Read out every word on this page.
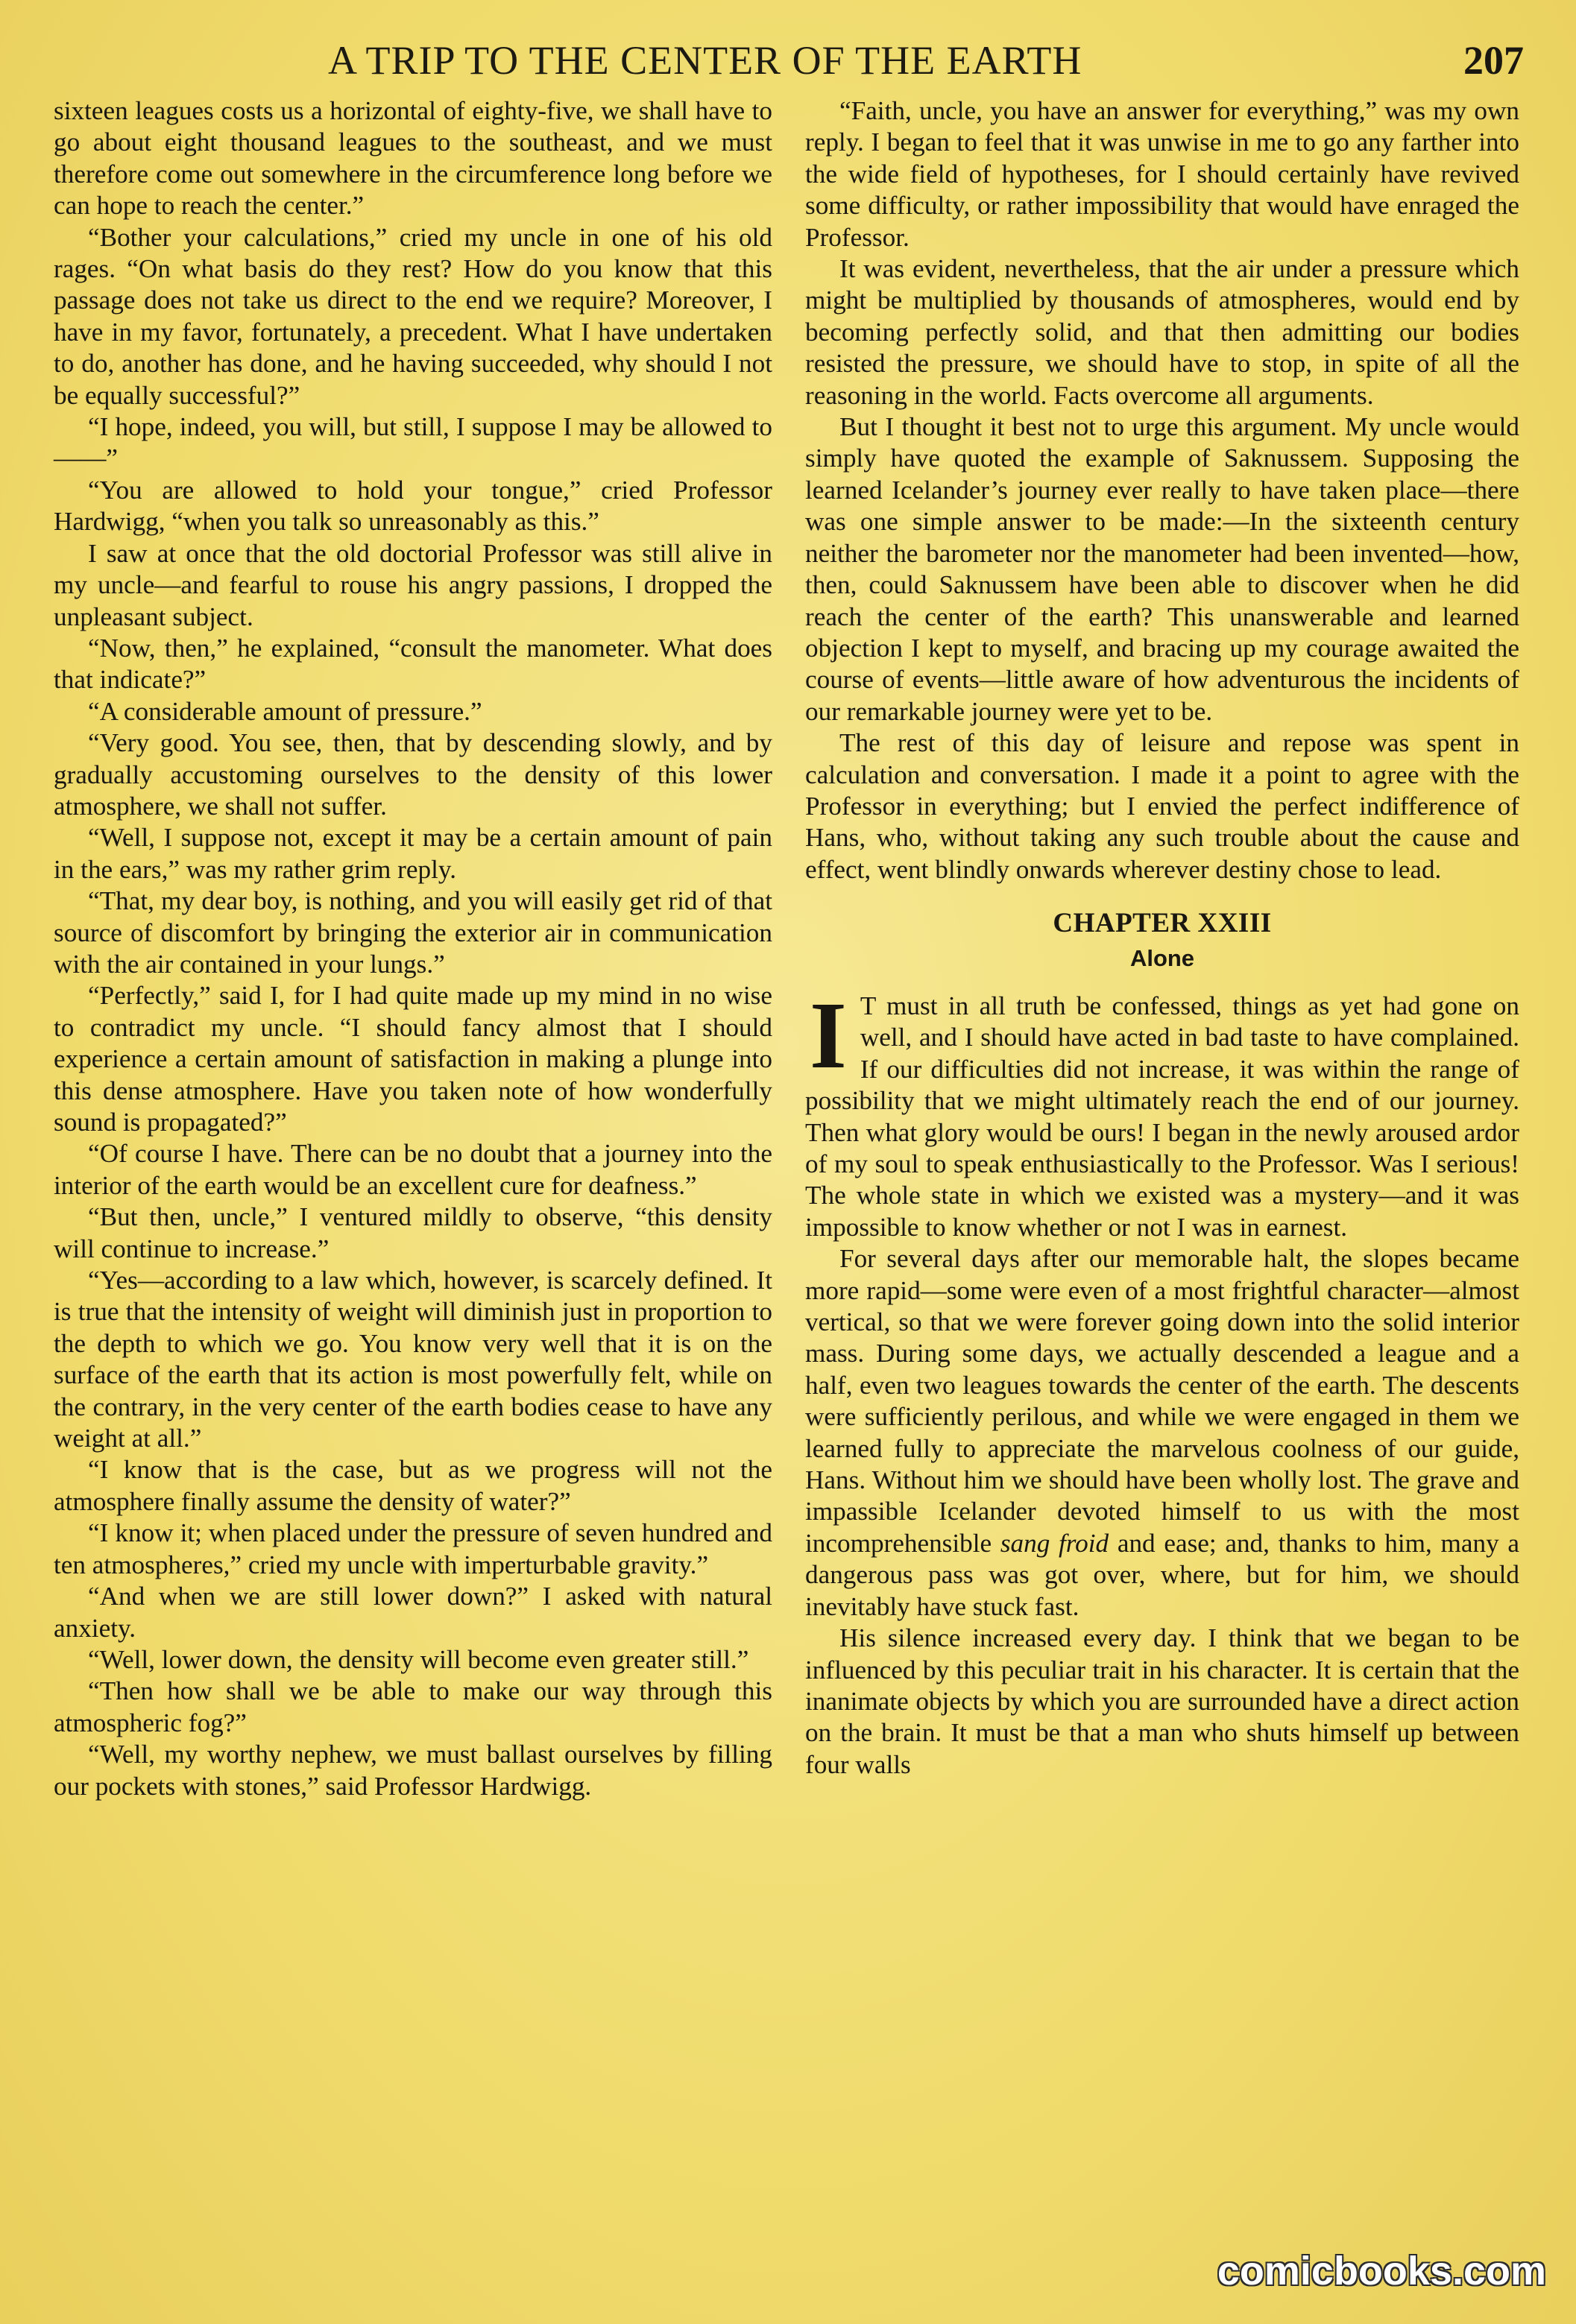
A TRIP TO THE CENTER OF THE EARTH	207

sixteen leagues costs us a horizontal of eighty-five, we shall have to go about eight thousand leagues to the southeast, and we must therefore come out somewhere in the circumference long before we can hope to reach the center.”

“Bother your calculations,” cried my uncle in one of his old rages. “On what basis do they rest? How do you know that this passage does not take us direct to the end we require? Moreover, I have in my favor, fortunately, a precedent. What I have undertaken to do, another has done, and he having succeeded, why should I not be equally successful?”

“I hope, indeed, you will, but still, I suppose I may be allowed to——”

“You are allowed to hold your tongue,” cried Professor Hardwigg, “when you talk so unreasonably as this.”

I saw at once that the old doctorial Professor was still alive in my uncle—and fearful to rouse his angry passions, I dropped the unpleasant subject.

“Now, then,” he explained, “consult the manometer. What does that indicate?”

“A considerable amount of pressure.”

“Very good. You see, then, that by descending slowly, and by gradually accustoming ourselves to the density of this lower atmosphere, we shall not suffer.

“Well, I suppose not, except it may be a certain amount of pain in the ears,” was my rather grim reply.

“That, my dear boy, is nothing, and you will easily get rid of that source of discomfort by bringing the exterior air in communication with the air contained in your lungs.”

“Perfectly,” said I, for I had quite made up my mind in no wise to contradict my uncle. “I should fancy almost that I should experience a certain amount of satisfaction in making a plunge into this dense atmosphere. Have you taken note of how wonderfully sound is propagated?”

“Of course I have. There can be no doubt that a journey into the interior of the earth would be an excellent cure for deafness.”

“But then, uncle,” I ventured mildly to observe, “this density will continue to increase.”

“Yes—according to a law which, however, is scarcely defined. It is true that the intensity of weight will diminish just in proportion to the depth to which we go. You know very well that it is on the surface of the earth that its action is most powerfully felt, while on the contrary, in the very center of the earth bodies cease to have any weight at all.”

“I know that is the case, but as we progress will not the atmosphere finally assume the density of water?”

“I know it; when placed under the pressure of seven hundred and ten atmospheres,” cried my uncle with imperturbable gravity.”

“And when we are still lower down?” I asked with natural anxiety.

“Well, lower down, the density will become even greater still.”

“Then how shall we be able to make our way through this atmospheric fog?”

“Well, my worthy nephew, we must ballast ourselves by filling our pockets with stones,” said Professor Hardwigg.

“Faith, uncle, you have an answer for everything,” was my own reply. I began to feel that it was unwise in me to go any farther into the wide field of hypotheses, for I should certainly have revived some difficulty, or rather impossibility that would have enraged the Professor.

It was evident, nevertheless, that the air under a pressure which might be multiplied by thousands of atmospheres, would end by becoming perfectly solid, and that then admitting our bodies resisted the pressure, we should have to stop, in spite of all the reasoning in the world. Facts overcome all arguments.

But I thought it best not to urge this argument. My uncle would simply have quoted the example of Saknussem. Supposing the learned Icelander’s journey ever really to have taken place—there was one simple answer to be made:—In the sixteenth century neither the barometer nor the manometer had been invented—how, then, could Saknussem have been able to discover when he did reach the center of the earth? This unanswerable and learned objection I kept to myself, and bracing up my courage awaited the course of events—little aware of how adventurous the incidents of our remarkable journey were yet to be.

The rest of this day of leisure and repose was spent in calculation and conversation. I made it a point to agree with the Professor in everything; but I envied the perfect indifference of Hans, who, without taking any such trouble about the cause and effect, went blindly onwards wherever destiny chose to lead.

CHAPTER XXIII
Alone

I T must in all truth be confessed, things as yet had gone on well, and I should have acted in bad taste to have complained. If our difficulties did not increase, it was within the range of possibility that we might ultimately reach the end of our journey. Then what glory would be ours! I began in the newly aroused ardor of my soul to speak enthusiastically to the Professor. Was I serious! The whole state in which we existed was a mystery—and it was impossible to know whether or not I was in earnest.

For several days after our memorable halt, the slopes became more rapid—some were even of a most frightful character—almost vertical, so that we were forever going down into the solid interior mass. During some days, we actually descended a league and a half, even two leagues towards the center of the earth. The descents were sufficiently perilous, and while we were engaged in them we learned fully to appreciate the marvelous coolness of our guide, Hans. Without him we should have been wholly lost. The grave and impassible Icelander devoted himself to us with the most incomprehensible sang froid and ease; and, thanks to him, many a dangerous pass was got over, where, but for him, we should inevitably have stuck fast.

His silence increased every day. I think that we began to be influenced by this peculiar trait in his character. It is certain that the inanimate objects by which you are surrounded have a direct action on the brain. It must be that a man who shuts himself up between four walls

comicbooks.com
